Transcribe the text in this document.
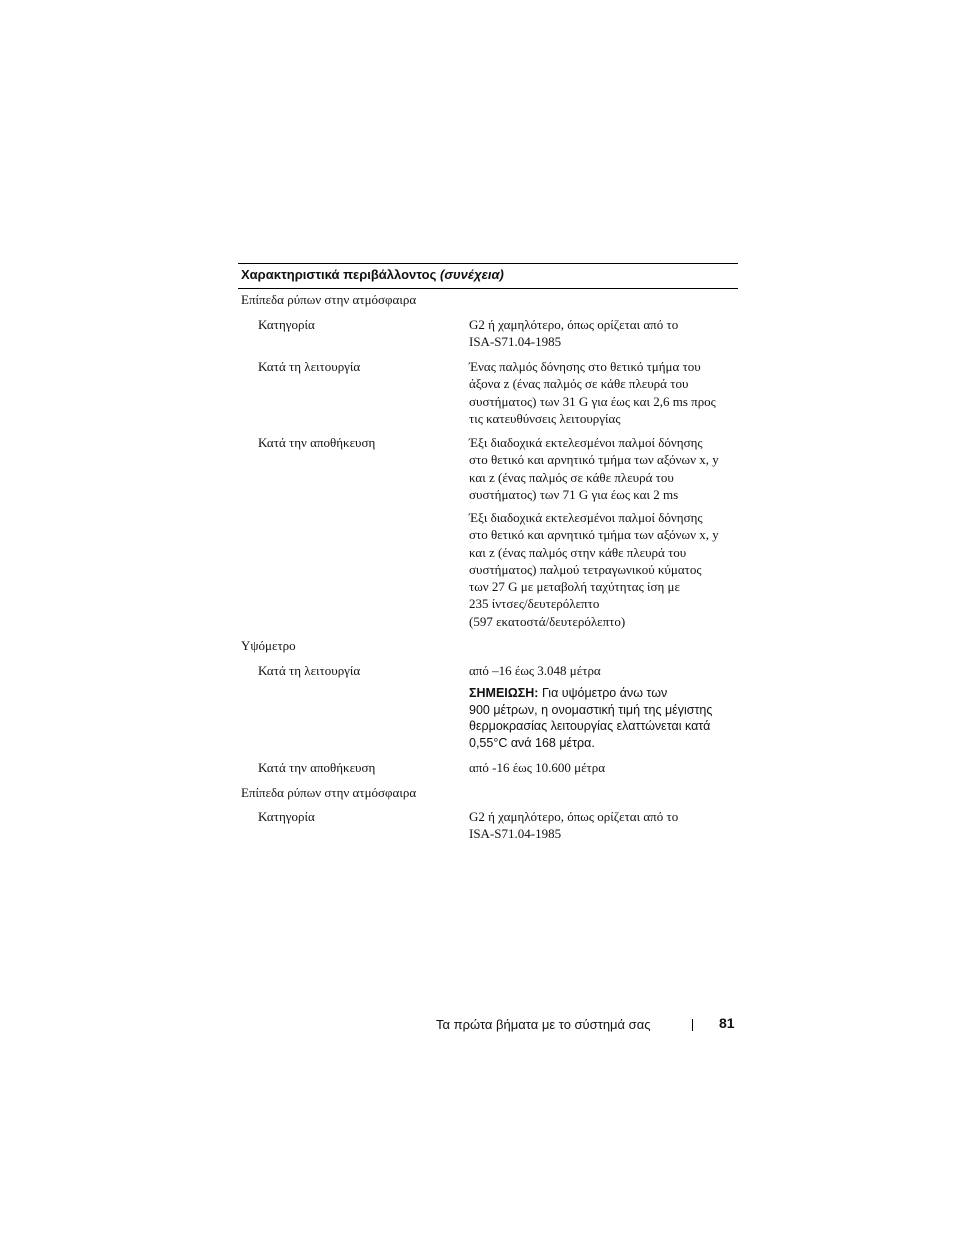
Χαρακτηριστικά περιβάλλοντος (συνέχεια)
Επίπεδα ρύπων στην ατμόσφαιρα
Κατηγορία	G2 ή χαμηλότερο, όπως ορίζεται από το
ISA-S71.04-1985
Κατά τη λειτουργία	Ένας παλμός δόνησης στο θετικό τμήμα του
άξονα z (ένας παλμός σε κάθε πλευρά του
συστήματος) των 31 G για έως και 2,6 ms προς
τις κατευθύνσεις λειτουργίας
Κατά την αποθήκευση	Έξι διαδοχικά εκτελεσμένοι παλμοί δόνησης
στο θετικό και αρνητικό τμήμα των αξόνων x, y
και z (ένας παλμός σε κάθε πλευρά του
συστήματος) των 71 G για έως και 2 ms
Έξι διαδοχικά εκτελεσμένοι παλμοί δόνησης
στο θετικό και αρνητικό τμήμα των αξόνων x, y
και z (ένας παλμός στην κάθε πλευρά του
συστήματος) παλμού τετραγωνικού κύματος
των 27 G με μεταβολή ταχύτητας ίση με
235 ίντσες/δευτερόλεπτο
(597 εκατοστά/δευτερόλεπτο)
Υψόμετρο
Κατά τη λειτουργία	από –16 έως 3.048 μέτρα
ΣΗΜΕΙΩΣΗ: Για υψόμετρο άνω των
900 μέτρων, η ονομαστική τιμή της μέγιστης
θερμοκρασίας λειτουργίας ελαττώνεται κατά
0,55°C ανά 168 μέτρα.
Κατά την αποθήκευση	από -16 έως 10.600 μέτρα
Επίπεδα ρύπων στην ατμόσφαιρα
Κατηγορία	G2 ή χαμηλότερο, όπως ορίζεται από το
ISA-S71.04-1985
Τα πρώτα βήματα με το σύστημά σας	81
